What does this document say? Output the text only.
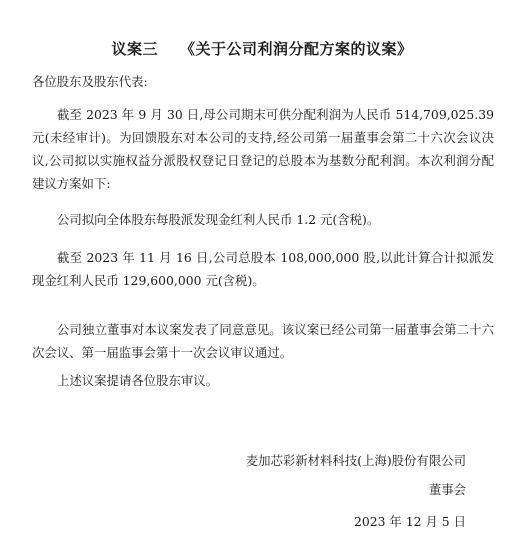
议案三 《关于公司利润分配方案的议案》
各位股东及股东代表:
截至 2023 年 9 月 30 日,母公司期末可供分配利润为人民币 514,709,025.39 元(未经审计)。为回馈股东对本公司的支持,经公司第一届董事会第二十六次会议决议,公司拟以实施权益分派股权登记日登记的总股本为基数分配利润。本次利润分配建议方案如下:
公司拟向全体股东每股派发现金红利人民币 1.2 元(含税)。
截至 2023 年 11 月 16 日,公司总股本 108,000,000 股,以此计算合计拟派发现金红利人民币 129,600,000 元(含税)。
公司独立董事对本议案发表了同意意见。该议案已经公司第一届董事会第二十六次会议、第一届监事会第十一次会议审议通过。
上述议案提请各位股东审议。
麦加芯彩新材料科技(上海)股份有限公司
董事会
2023 年 12 月 5 日
